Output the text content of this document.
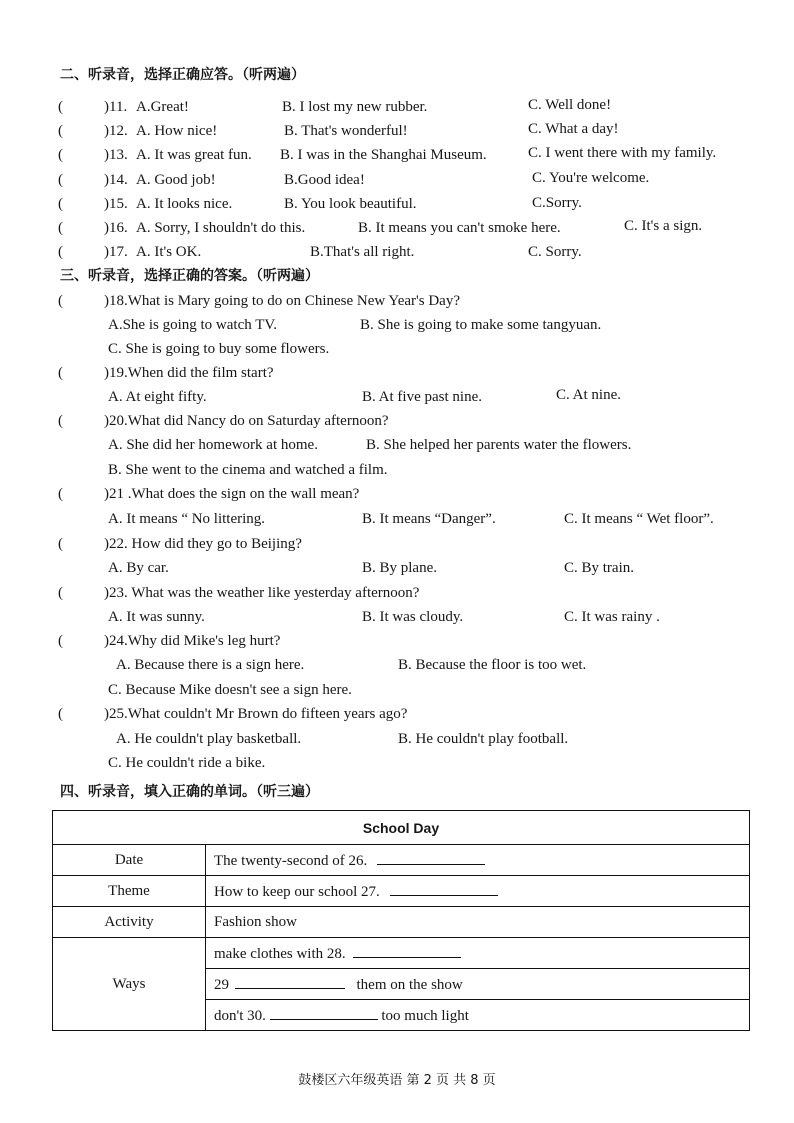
二、听录音，选择正确应答。（听两遍）
(	)11. A.Great!	B. I lost my new rubber.	C. Well done!
(	)12. A. How nice!	B. That's wonderful!	C. What a day!
(	)13. A. It was great fun. B. I was in the Shanghai Museum.	C. I went there with my family.
(	)14. A. Good job!	B.Good idea!	C. You're welcome.
(	)15. A. It looks nice.	B. You look beautiful.	C.Sorry.
(	)16. A. Sorry, I shouldn't do this.	B. It means you can't smoke here.	C. It's a sign.
(	)17. A. It's OK.	B.That's all right.	C. Sorry.
三、听录音，选择正确的答案。（听两遍）
(	)18.What is Mary going to do on Chinese New Year's Day?
A.She is going to watch TV.	B. She is going to make some tangyuan.
C. She is going to buy some flowers.
(	)19.When did the film start?
A. At eight fifty.	B. At five past nine.	C. At nine.
(	)20.What did Nancy do on Saturday afternoon?
A. She did her homework at home.	B. She helped her parents water the flowers.
B. She went to the cinema and watched a film.
(	)21 .What does the sign on the wall mean?
A. It means “ No littering.	B. It means “Danger”.	C. It means “ Wet floor”.
(	)22. How did they go to Beijing?
A. By car.	B. By plane.	C. By train.
(	)23. What was the weather like yesterday afternoon?
A. It was sunny.	B. It was cloudy.	C. It was rainy .
(	)24.Why did Mike's leg hurt?
A. Because there is a sign here.	B. Because the floor is too wet.
C. Because Mike doesn't see a sign here.
(	)25.What couldn't Mr Brown do fifteen years ago?
A. He couldn't play basketball.	B. He couldn't play football.
C. He couldn't ride a bike.
四、听录音，填入正确的单词。（听三遍）
School Day	
Date	The twenty-second of 26.
Theme	How to keep our school 27.
Activity	Fashion show
Ways	make clothes with 28.
	29 them on the show
	don't 30. too much light
鼓楼区六年级英语 第 2 页 共 8 页
